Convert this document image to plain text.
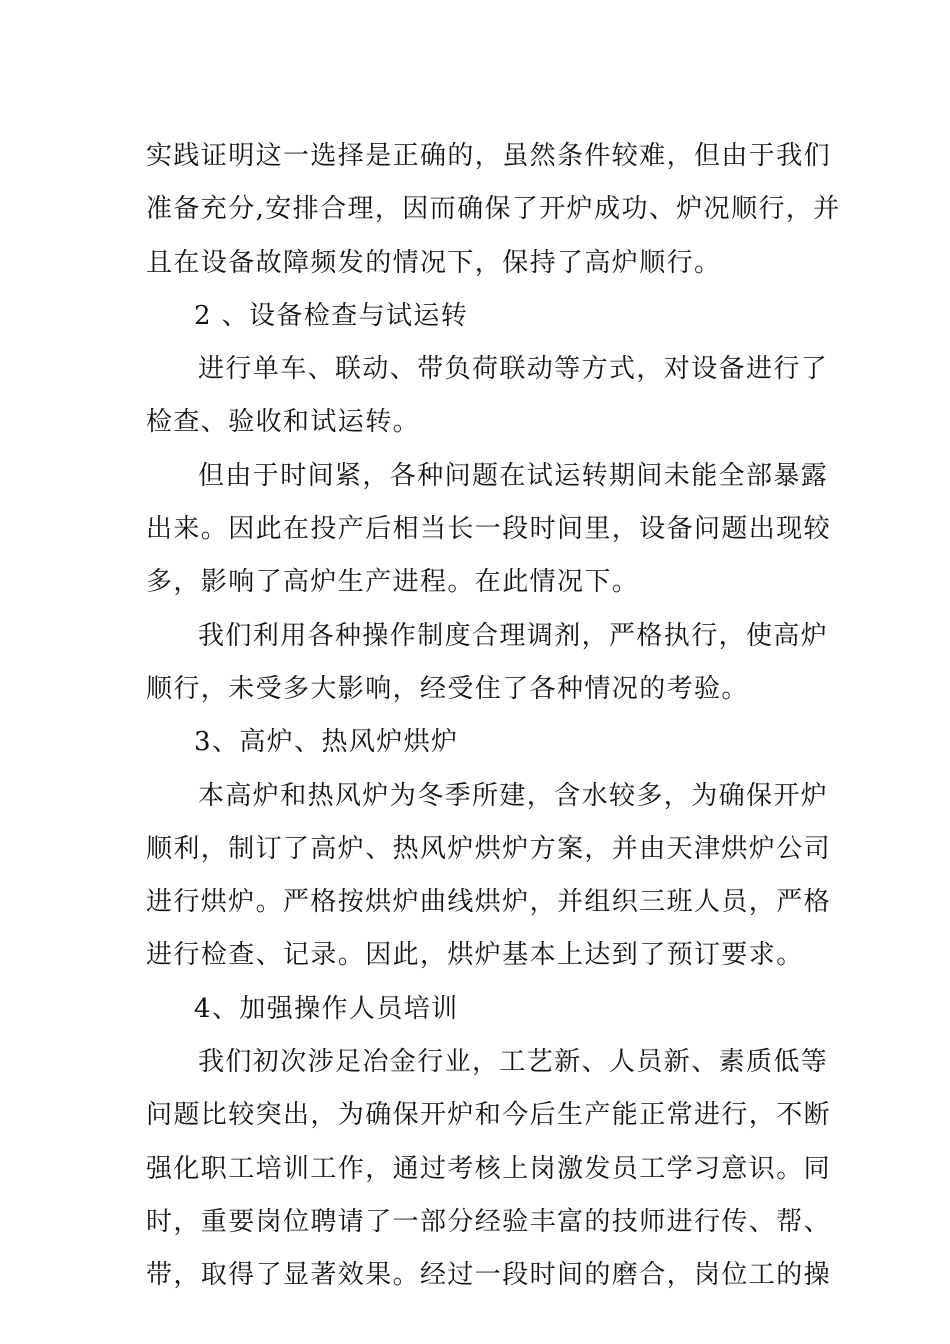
实践证明这一选择是正确的，虽然条件较难，但由于我们
准备充分,安排合理，因而确保了开炉成功、炉况顺行，并
且在设备故障频发的情况下，保持了高炉顺行。
2 、设备检查与试运转
进行单车、联动、带负荷联动等方式，对设备进行了
检查、验收和试运转。
但由于时间紧，各种问题在试运转期间未能全部暴露
出来。因此在投产后相当长一段时间里，设备问题出现较
多，影响了高炉生产进程。在此情况下。
我们利用各种操作制度合理调剂，严格执行，使高炉
顺行，未受多大影响，经受住了各种情况的考验。
3、高炉、热风炉烘炉
本高炉和热风炉为冬季所建，含水较多，为确保开炉
顺利，制订了高炉、热风炉烘炉方案，并由天津烘炉公司
进行烘炉。严格按烘炉曲线烘炉，并组织三班人员，严格
进行检查、记录。因此，烘炉基本上达到了预订要求。
4、加强操作人员培训
我们初次涉足冶金行业，工艺新、人员新、素质低等
问题比较突出，为确保开炉和今后生产能正常进行，不断
强化职工培训工作，通过考核上岗激发员工学习意识。同
时，重要岗位聘请了一部分经验丰富的技师进行传、帮、
带，取得了显著效果。经过一段时间的磨合，岗位工的操
